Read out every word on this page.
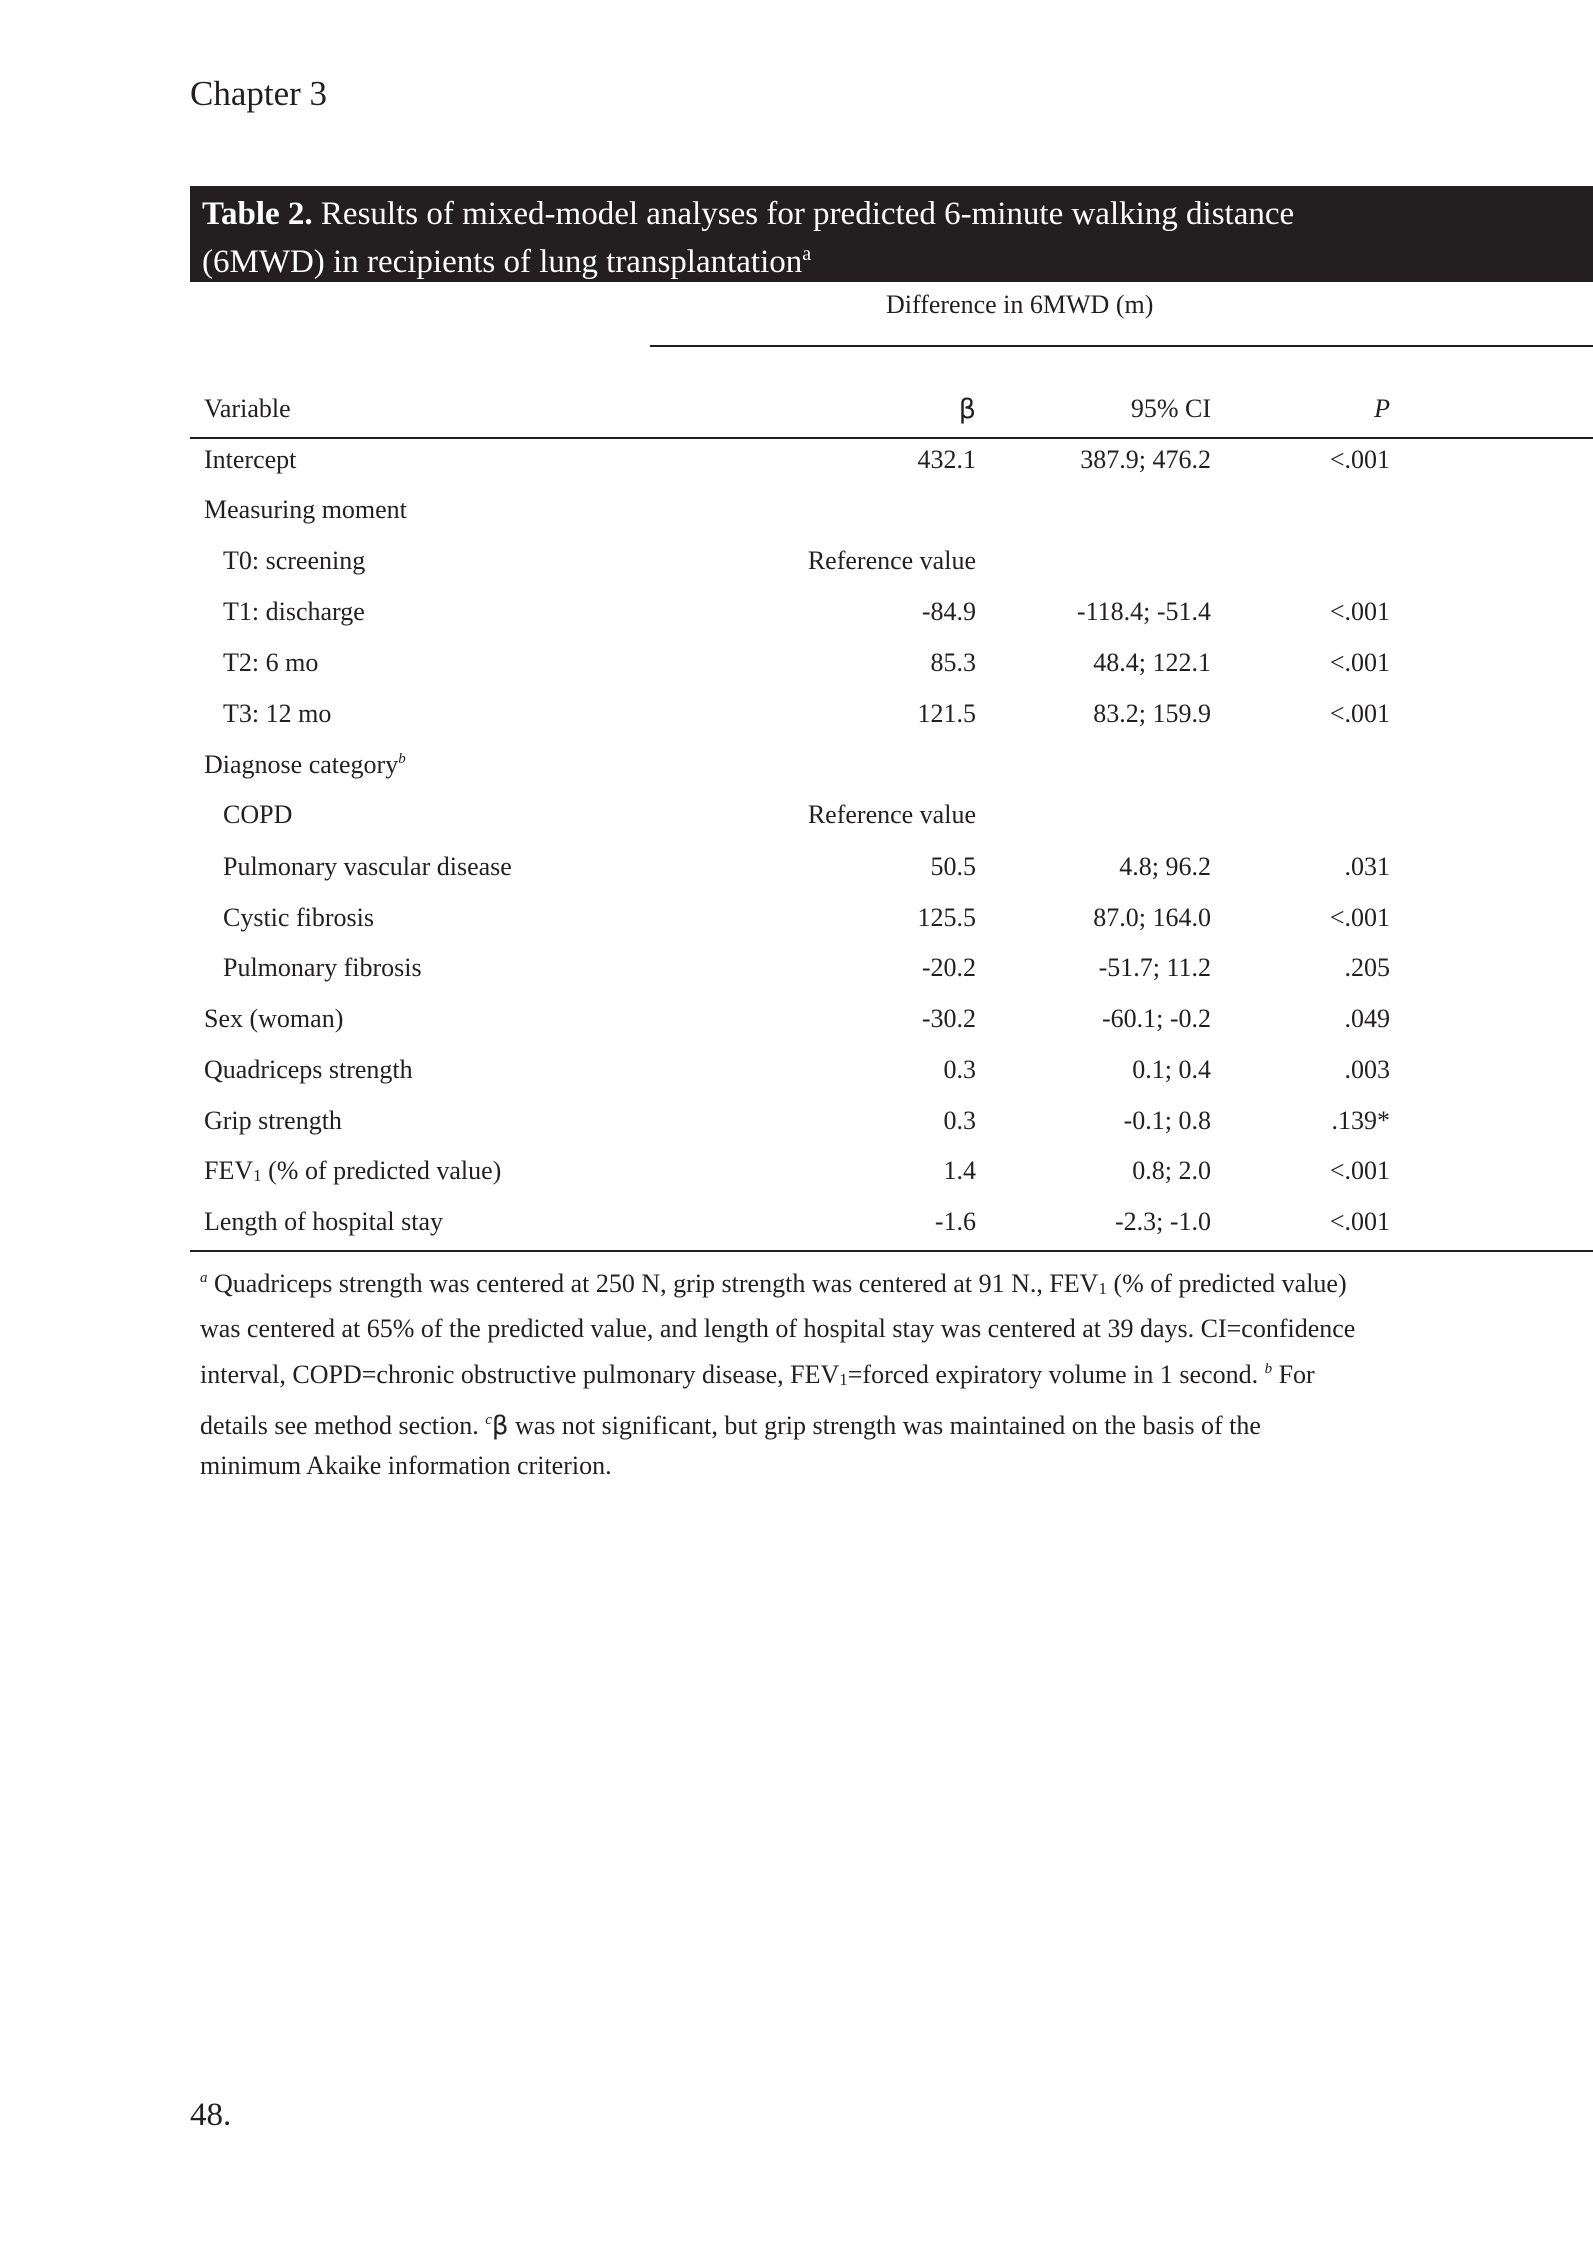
Chapter 3
Table 2. Results of mixed-model analyses for predicted 6-minute walking distance
(6MWD) in recipients of lung transplantation$^a$
Difference in 6MWD (m)
Variable	β	95% CI	P
Intercept	432.1	387.9; 476.2	<.001
Measuring moment
T0: screening	Reference value
T1: discharge	-84.9	-118.4; -51.4	<.001
T2: 6 mo	85.3	48.4; 122.1	<.001
T3: 12 mo	121.5	83.2; 159.9	<.001
Diagnose category$^b$
COPD	Reference value
Pulmonary vascular disease	50.5	4.8; 96.2	.031
Cystic fibrosis	125.5	87.0; 164.0	<.001
Pulmonary fibrosis	-20.2	-51.7; 11.2	.205
Sex (woman)	-30.2	-60.1; -0.2	.049
Quadriceps strength	0.3	0.1; 0.4	.003
Grip strength	0.3	-0.1; 0.8	.139*
$FEV_1$ (% of predicted value)	1.4	0.8; 2.0	<.001
Length of hospital stay	-1.6	-2.3; -1.0	<.001
$^a$ Quadriceps strength was centered at 250 N, grip strength was centered at 91 N., $FEV_1$ (% of predicted value) was centered at 65% of the predicted value, and length of hospital stay was centered at 39 days. CI=confidence interval, COPD=chronic obstructive pulmonary disease, $FEV_1=forced$ expiratory volume in 1 second. $^b$ For details see method section. $^c$β was not significant, but grip strength was maintained on the basis of the minimum Akaike information criterion.
48.
